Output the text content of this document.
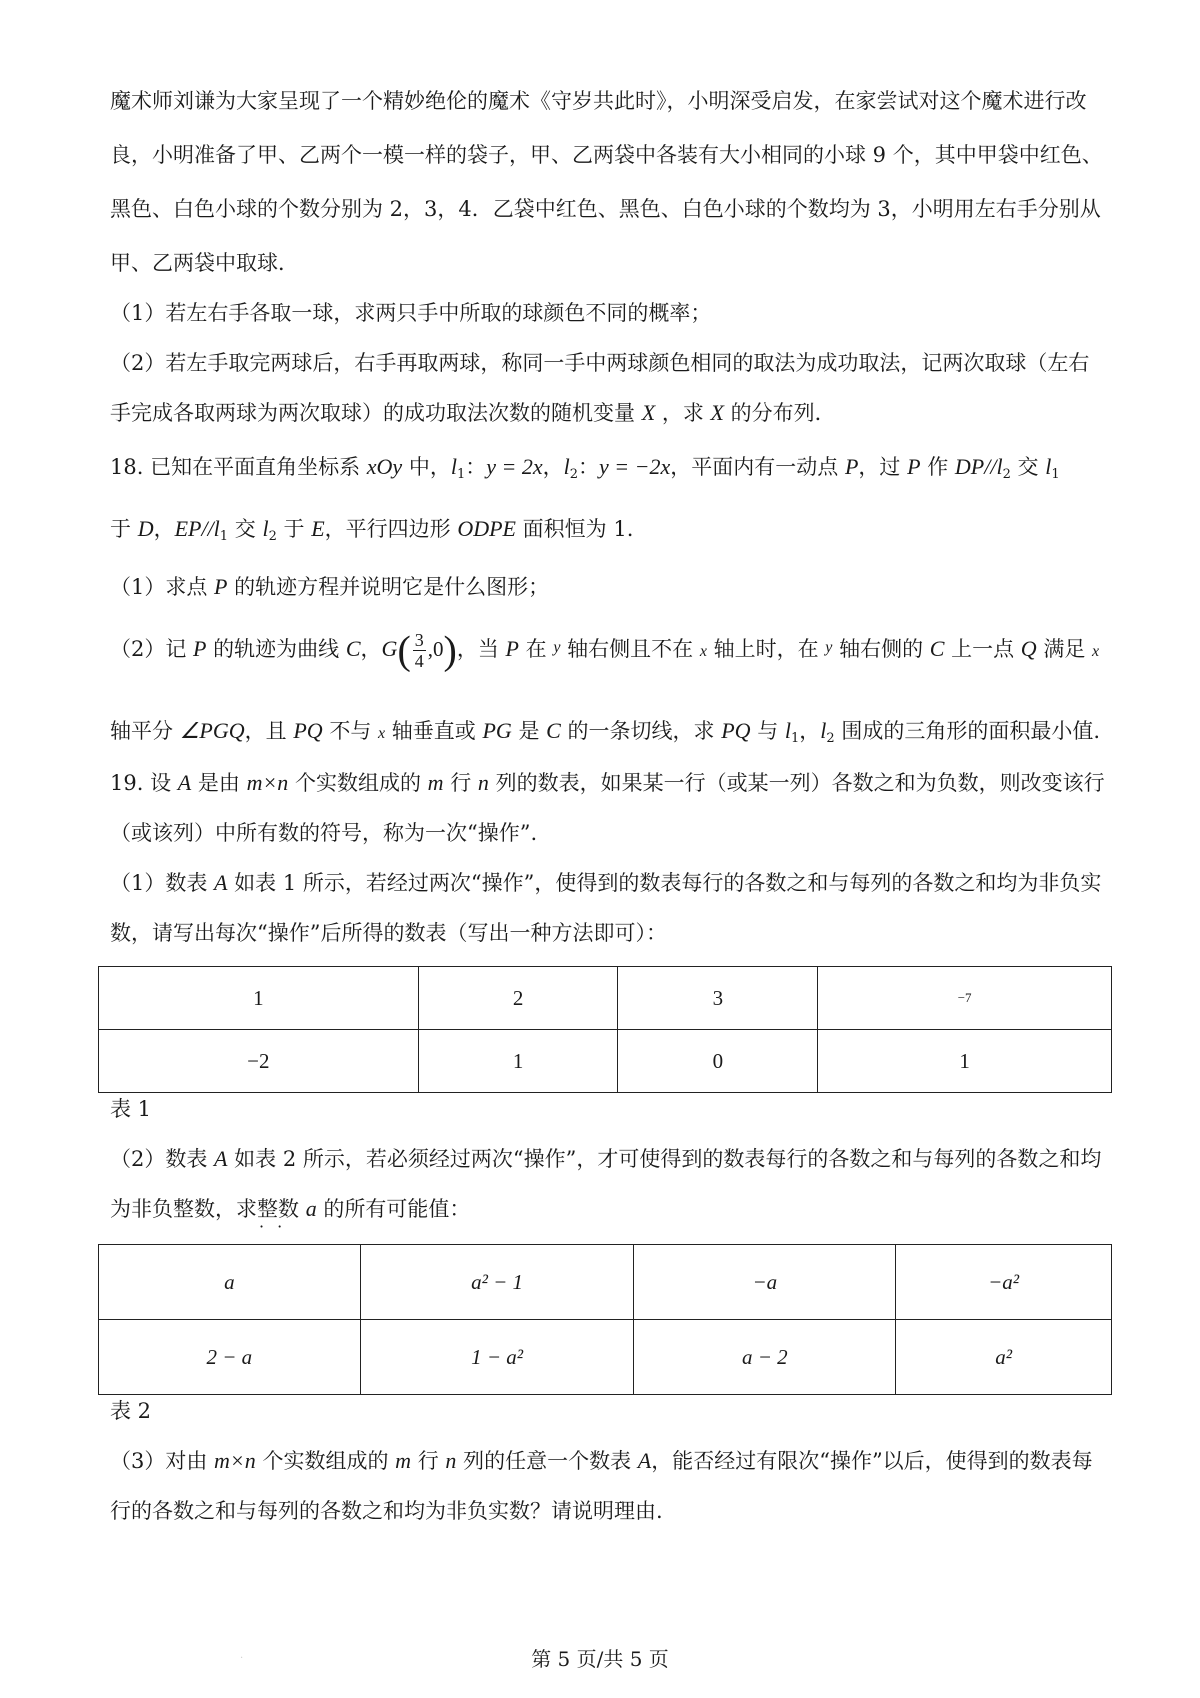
魔术师刘谦为大家呈现了一个精妙绝伦的魔术《守岁共此时》，小明深受启发，在家尝试对这个魔术进行改
良，小明准备了甲、乙两个一模一样的袋子，甲、乙两袋中各装有大小相同的小球 9 个，其中甲袋中红色、
黑色、白色小球的个数分别为 2，3，4．乙袋中红色、黑色、白色小球的个数均为 3，小明用左右手分别从
甲、乙两袋中取球．
（1）若左右手各取一球，求两只手中所取的球颜色不同的概率；
（2）若左手取完两球后，右手再取两球，称同一手中两球颜色相同的取法为成功取法，记两次取球（左右
手完成各取两球为两次取球）的成功取法次数的随机变量 X ，求 X 的分布列．
18. 已知在平面直角坐标系 xOy 中，$l_1$：y = 2x，$l_2$：y = −2x，平面内有一动点 P，过 P 作 $DP//l_2$ 交 $l_1$
于 D，$EP//l_1$ 交 $l_2$ 于 E，平行四边形 ODPE 面积恒为 1.
（1）求点 P 的轨迹方程并说明它是什么图形；
（2）记 P 的轨迹为曲线 C，$G( \frac{3}{4} ,0)$，当 P 在 y 轴右侧且不在 x 轴上时，在 y 轴右侧的 C 上一点 Q 满足 x
轴平分 ∠PGQ，且 PQ 不与 x 轴垂直或 PG 是 C 的一条切线，求 PQ 与 $l_1$，$l_2$ 围成的三角形的面积最小值.
19. 设 A 是由 m×n 个实数组成的 m 行 n 列的数表，如果某一行（或某一列）各数之和为负数，则改变该行
（或该列）中所有数的符号，称为一次“操作”.
（1）数表 A 如表 1 所示，若经过两次“操作”，使得到的数表每行的各数之和与每列的各数之和均为非负实
数，请写出每次“操作”后所得的数表（写出一种方法即可）：
1	2	3	−7
−2	1	0	1
表 1
（2）数表 A 如表 2 所示，若必须经过两次“操作”，才可使得到的数表每行的各数之和与每列的各数之和均
为非负整数，求整数 · · a 的所有可能值：
a	a² − 1	−a	−a²
2 − a	1 − a²	a − 2	a²
表 2
（3）对由 m×n 个实数组成的 m 行 n 列的任意一个数表 A，能否经过有限次“操作”以后，使得到的数表每
行的各数之和与每列的各数之和均为非负实数？请说明理由.
.	第 5 页/共 5 页
